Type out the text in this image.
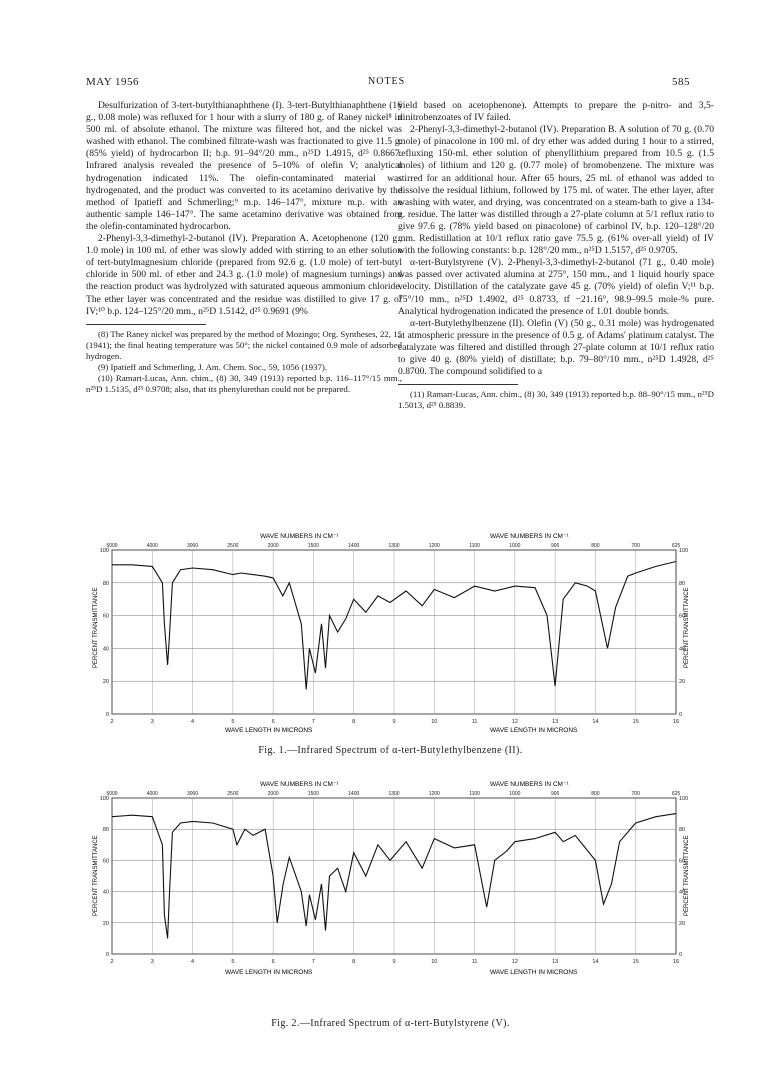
MAY 1956	NOTES	585

Desulfurization of 3-tert-butylthianaphthene (I). 3-tert-Butylthianaphthene (16 g., 0.08 mole) was refluxed for 1 hour with a slurry of 180 g. of Raney nickel⁸ in 500 ml. of absolute ethanol. The mixture was filtered hot, and the nickel was washed with ethanol. The combined filtrate-wash was fractionated to give 11.5 g. (85% yield) of hydrocarbon II; b.p. 91–94°/20 mm., n²⁵D 1.4915, d²⁵ 0.8667. Infrared analysis revealed the presence of 5–10% of olefin V; analytical hydrogenation indicated 11%. The olefin-contaminated material was hydrogenated, and the product was converted to its acetamino derivative by the method of Ipatieff and Schmerling;⁹ m.p. 146–147°, mixture m.p. with an authentic sample 146–147°. The same acetamino derivative was obtained from the olefin-contaminated hydrocarbon.

2-Phenyl-3,3-dimethyl-2-butanol (IV). Preparation A. Acetophenone (120 g., 1.0 mole) in 100 ml. of ether was slowly added with stirring to an ether solution of tert-butylmagnesium chloride (prepared from 92.6 g. (1.0 mole) of tert-butyl chloride in 500 ml. of ether and 24.3 g. (1.0 mole) of magnesium turnings) and the reaction product was hydrolyzed with saturated aqueous ammonium chloride. The ether layer was concentrated and the residue was distilled to give 17 g. of IV;¹⁰ b.p. 124–125°/20 mm., n²⁵D 1.5142, d²⁵ 0.9691 (9%

(8) The Raney nickel was prepared by the method of Mozingo; Org. Syntheses, 22, 15 (1941); the final heating temperature was 50°; the nickel contained 0.9 mole of adsorbed hydrogen.

(9) Ipatieff and Schmerling, J. Am. Chem. Soc., 59, 1056 (1937).

(10) Ramart-Lucas, Ann. chim., (8) 30, 349 (1913) reported b.p. 116–117°/15 mm., n²⁵D 1.5135, d²⁵ 0.9708; also, that its phenylurethan could not be prepared.

yield based on acetophenone). Attempts to prepare the p-nitro- and 3,5-dinitrobenzoates of IV failed.

2-Phenyl-3,3-dimethyl-2-butanol (IV). Preparation B. A solution of 70 g. (0.70 mole) of pinacolone in 100 ml. of dry ether was added during 1 hour to a stirred, refluxing 150-ml. ether solution of phenyllithium prepared from 10.5 g. (1.5 moles) of lithium and 120 g. (0.77 mole) of bromobenzene. The mixture was stirred for an additional hour. After 65 hours, 25 ml. of ethanol was added to dissolve the residual lithium, followed by 175 ml. of water. The ether layer, after washing with water, and drying, was concentrated on a steam-bath to give a 134-g. residue. The latter was distilled through a 27-plate column at 5/1 reflux ratio to give 97.6 g. (78% yield based on pinacolone) of carbinol IV, b.p. 120–128°/20 mm. Redistillation at 10/1 reflux ratio gave 75.5 g. (61% over-all yield) of IV with the following constants: b.p. 128°/20 mm., n²⁵D 1.5157, d²⁵ 0.9705.

α-tert-Butylstyrene (V). 2-Phenyl-3,3-dimethyl-2-butanol (71 g., 0.40 mole) was passed over activated alumina at 275°, 150 mm., and 1 liquid hourly space velocity. Distillation of the catalyzate gave 45 g. (70% yield) of olefin V;¹¹ b.p. 75°/10 mm., n²⁵D 1.4902, d²⁵ 0.8733, tf −21.16°, 98.9–99.5 mole-% pure. Analytical hydrogenation indicated the presence of 1.01 double bonds.

α-tert-Butylethylbenzene (II). Olefin (V) (50 g., 0.31 mole) was hydrogenated at atmospheric pressure in the presence of 0.5 g. of Adams' platinum catalyst. The catalyzate was filtered and distilled through 27-plate column at 10/1 reflux ratio to give 40 g. (80% yield) of distillate; b.p. 79–80°/10 mm., n²⁵D 1.4928, d²⁵ 0.8700. The compound solidified to a

(11) Ramart-Lucas, Ann. chim., (8) 30, 349 (1913) reported b.p. 88–90°/15 mm., n²⁵D 1.5013, d²⁵ 0.8839.

WAVE NUMBERS IN CM⁻¹	WAVE NUMBERS IN CM⁻¹
WAVE LENGTH IN MICRONS	WAVE LENGTH IN MICRONS
PERCENT TRANSMITTANCE	PERCENT TRANSMITTANCE
0	0
20	20
40	40
60	60
80	80
100	100
2	3	4	5	6	7	8	9	10	11	12	13	14	15	16
5000	4000	3000	2500	2000	1500	1400	1300	1200	1100	1000	900	800	700	625
Fig. 1.—Infrared Spectrum of α-tert-Butylethylbenzene (II).
WAVE NUMBERS IN CM⁻¹	WAVE NUMBERS IN CM⁻¹
WAVE LENGTH IN MICRONS	WAVE LENGTH IN MICRONS
PERCENT TRANSMITTANCE	PERCENT TRANSMITTANCE
0	0
20	20
40	40
60	60
80	80
100	100
2	3	4	5	6	7	8	9	10	11	12	13	14	15	16
5000	4000	3000	2500	2000	1500	1400	1300	1200	1100	1000	900	800	700	625
Fig. 2.—Infrared Spectrum of α-tert-Butylstyrene (V).
